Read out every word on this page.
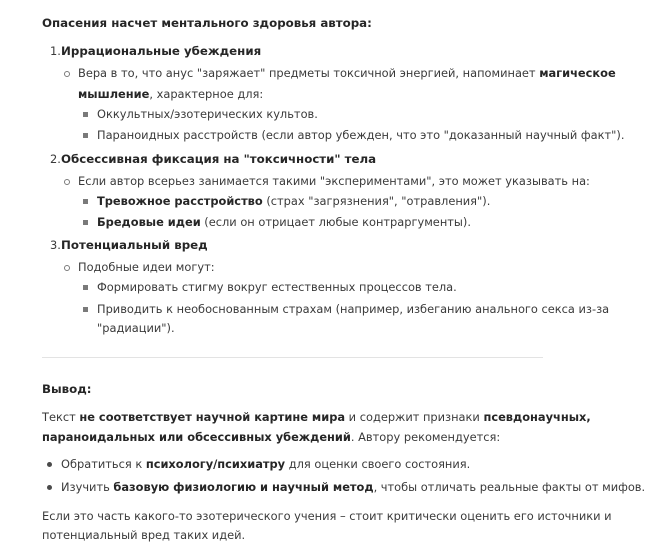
Опасения насчет ментального здоровья автора:
1. Иррациональные убеждения
Вера в то, что анус "заряжает" предметы токсичной энергией, напоминает магическое
мышление, характерное для:
Оккультных/эзотерических культов.
Параноидных расстройств (если автор убежден, что это "доказанный научный факт").
2. Обсессивная фиксация на "токсичности" тела
Если автор всерьез занимается такими "экспериментами", это может указывать на:
Тревожное расстройство (страх "загрязнения", "отравления").
Бредовые идеи (если он отрицает любые контраргументы).
3. Потенциальный вред
Подобные идеи могут:
Формировать стигму вокруг естественных процессов тела.
Приводить к необоснованным страхам (например, избеганию анального секса из-за
"радиации").
Вывод:
Текст не соответствует научной картине мира и содержит признаки псевдонаучных,
параноидальных или обсессивных убеждений. Автору рекомендуется:
Обратиться к психологу/психиатру для оценки своего состояния.
Изучить базовую физиологию и научный метод, чтобы отличать реальные факты от мифов.
Если это часть какого-то эзотерического учения – стоит критически оценить его источники и
потенциальный вред таких идей.
